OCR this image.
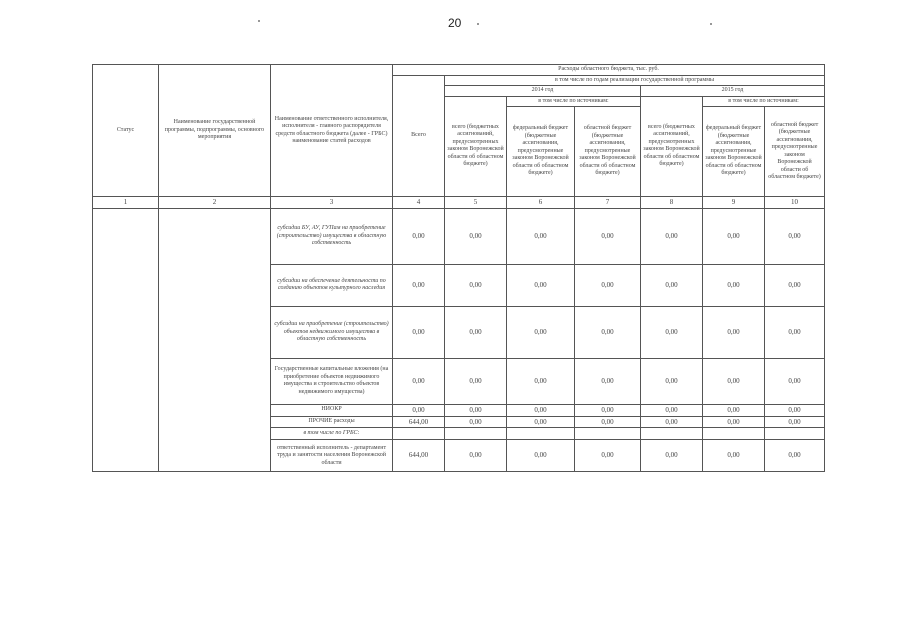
20
Статус	Наименование государственной программы, подпрограммы, основного мероприятия	Наименование ответственного исполнителя, исполнителя - главного распорядителя средств областного бюджета (далее - ГРБС) наименование статей расходов	Расходы областного бюджета, тыс. руб.						
			Всего	в том числе по годам реализации государственной программы					
				2014 год			2015 год		
				всего (бюджетных ассигнований, предусмотренных законом Воронежской области об областном бюджете)	в том числе по источникам:		всего (бюджетных ассигнований, предусмотренных законом Воронежской области об областном бюджете)	в том числе по источникам:	
					федеральный бюджет (бюджетные ассигнования, предусмотренные законом Воронежской области об областном бюджете)	областной бюджет (бюджетные ассигнования, предусмотренные законом Воронежской области об областном бюджете)		федеральный бюджет (бюджетные ассигнования, предусмотренные законом Воронежской области об областном бюджете)	областной бюджет (бюджетные ассигнования, предусмотренные законом Воронежской области об областном бюджете)
1	2	3	4	5	6	7	8	9	10
		субсидии БУ, АУ, ГУПам на приобретение (строительство) имущества в областную собственность	0,00	0,00	0,00	0,00	0,00	0,00	0,00
		субсидии на обеспечение деятельности по созданию объектов культурного наследия	0,00	0,00	0,00	0,00	0,00	0,00	0,00
		субсидии на приобретение (строительство) объектов недвижимого имущества в областную собственность	0,00	0,00	0,00	0,00	0,00	0,00	0,00
		Государственные капитальные вложения (на приобретение объектов недвижимого имущества и строительство объектов недвижимого имущества)	0,00	0,00	0,00	0,00	0,00	0,00	0,00
		НИОКР	0,00	0,00	0,00	0,00	0,00	0,00	0,00
		ПРОЧИЕ расходы	644,00	0,00	0,00	0,00	0,00	0,00	0,00
		в том числе по ГРБС:							
		ответственный исполнитель - департамент труда и занятости населения Воронежской области	644,00	0,00	0,00	0,00	0,00	0,00	0,00
